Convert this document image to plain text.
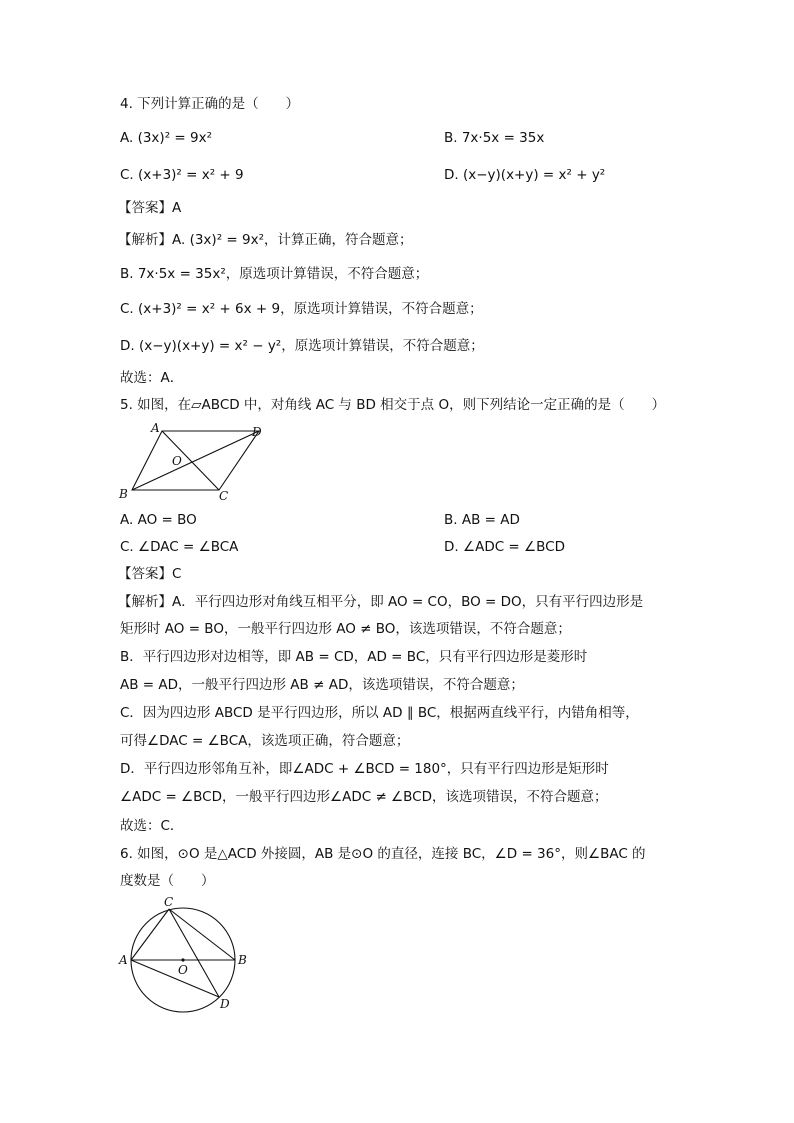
4. 下列计算正确的是（　　）
A. (3x)² = 9x²	B. 7x·5x = 35x
C. (x+3)² = x² + 9	D. (x−y)(x+y) = x² + y²
【答案】A
【解析】A. (3x)² = 9x²，计算正确，符合题意；
B. 7x·5x = 35x²，原选项计算错误，不符合题意；
C. (x+3)² = x² + 6x + 9，原选项计算错误，不符合题意；
D. (x−y)(x+y) = x² − y²，原选项计算错误，不符合题意；
故选：A．
5. 如图，在▱ABCD 中，对角线 AC 与 BD 相交于点 O，则下列结论一定正确的是（　　）
A	D
O
B	C
A. AO = BO	B. AB = AD
C. ∠DAC = ∠BCA	D. ∠ADC = ∠BCD
【答案】C
【解析】A．平行四边形对角线互相平分，即 AO = CO，BO = DO，只有平行四边形是
矩形时 AO = BO，一般平行四边形 AO ≠ BO，该选项错误，不符合题意；
B．平行四边形对边相等，即 AB = CD，AD = BC，只有平行四边形是菱形时
AB = AD，一般平行四边形 AB ≠ AD，该选项错误，不符合题意；
C．因为四边形 ABCD 是平行四边形，所以 AD ∥ BC，根据两直线平行，内错角相等，
可得∠DAC = ∠BCA，该选项正确，符合题意；
D．平行四边形邻角互补，即∠ADC + ∠BCD = 180°，只有平行四边形是矩形时
∠ADC = ∠BCD，一般平行四边形∠ADC ≠ ∠BCD，该选项错误，不符合题意；
故选：C．
6. 如图，⊙O 是△ACD 外接圆，AB 是⊙O 的直径，连接 BC，∠D = 36°，则∠BAC 的
度数是（　　）
C
A	B
O
D
